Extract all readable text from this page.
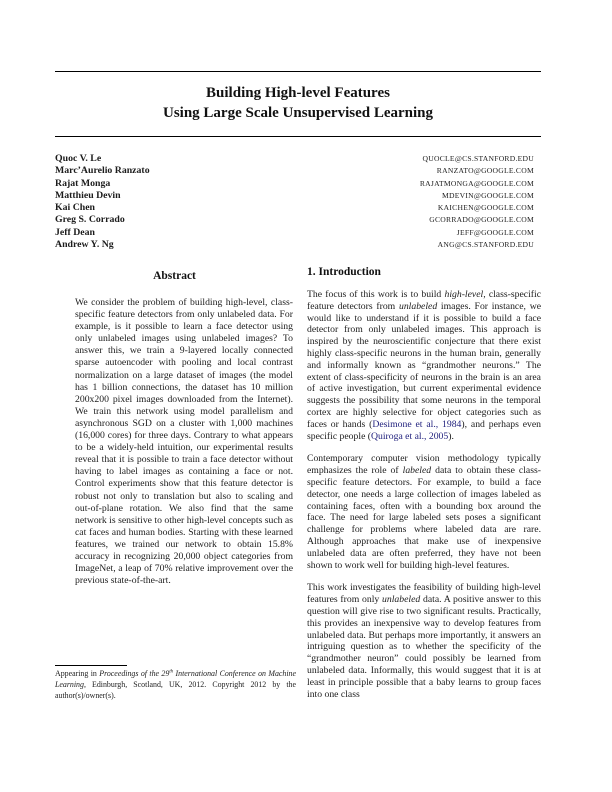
Building High-level Features
Using Large Scale Unsupervised Learning
Quoc V. Le	QUOCLE@CS.STANFORD.EDU
Marc’Aurelio Ranzato	RANZATO@GOOGLE.COM
Rajat Monga	RAJATMONGA@GOOGLE.COM
Matthieu Devin	MDEVIN@GOOGLE.COM
Kai Chen	KAICHEN@GOOGLE.COM
Greg S. Corrado	GCORRADO@GOOGLE.COM
Jeff Dean	JEFF@GOOGLE.COM
Andrew Y. Ng	ANG@CS.STANFORD.EDU
Abstract
We consider the problem of building high-level, class-specific feature detectors from only unlabeled data. For example, is it possible to learn a face detector using only unlabeled images using unlabeled images? To answer this, we train a 9-layered locally connected sparse autoencoder with pooling and local contrast normalization on a large dataset of images (the model has 1 billion connections, the dataset has 10 million 200x200 pixel images downloaded from the Internet). We train this network using model parallelism and asynchronous SGD on a cluster with 1,000 machines (16,000 cores) for three days. Contrary to what appears to be a widely-held intuition, our experimental results reveal that it is possible to train a face detector without having to label images as containing a face or not. Control experiments show that this feature detector is robust not only to translation but also to scaling and out-of-plane rotation. We also find that the same network is sensitive to other high-level concepts such as cat faces and human bodies. Starting with these learned features, we trained our network to obtain 15.8% accuracy in recognizing 20,000 object categories from ImageNet, a leap of 70% relative improvement over the previous state-of-the-art.
Appearing in Proceedings of the 29th International Conference on Machine Learning, Edinburgh, Scotland, UK, 2012. Copyright 2012 by the author(s)/owner(s).
1. Introduction
The focus of this work is to build high-level, class-specific feature detectors from unlabeled images. For instance, we would like to understand if it is possible to build a face detector from only unlabeled images. This approach is inspired by the neuroscientific conjecture that there exist highly class-specific neurons in the human brain, generally and informally known as “grandmother neurons.” The extent of class-specificity of neurons in the brain is an area of active investigation, but current experimental evidence suggests the possibility that some neurons in the temporal cortex are highly selective for object categories such as faces or hands (Desimone et al., 1984), and perhaps even specific people (Quiroga et al., 2005).
Contemporary computer vision methodology typically emphasizes the role of labeled data to obtain these class-specific feature detectors. For example, to build a face detector, one needs a large collection of images labeled as containing faces, often with a bounding box around the face. The need for large labeled sets poses a significant challenge for problems where labeled data are rare. Although approaches that make use of inexpensive unlabeled data are often preferred, they have not been shown to work well for building high-level features.
This work investigates the feasibility of building high-level features from only unlabeled data. A positive answer to this question will give rise to two significant results. Practically, this provides an inexpensive way to develop features from unlabeled data. But perhaps more importantly, it answers an intriguing question as to whether the specificity of the “grandmother neuron” could possibly be learned from unlabeled data. Informally, this would suggest that it is at least in principle possible that a baby learns to group faces into one class
